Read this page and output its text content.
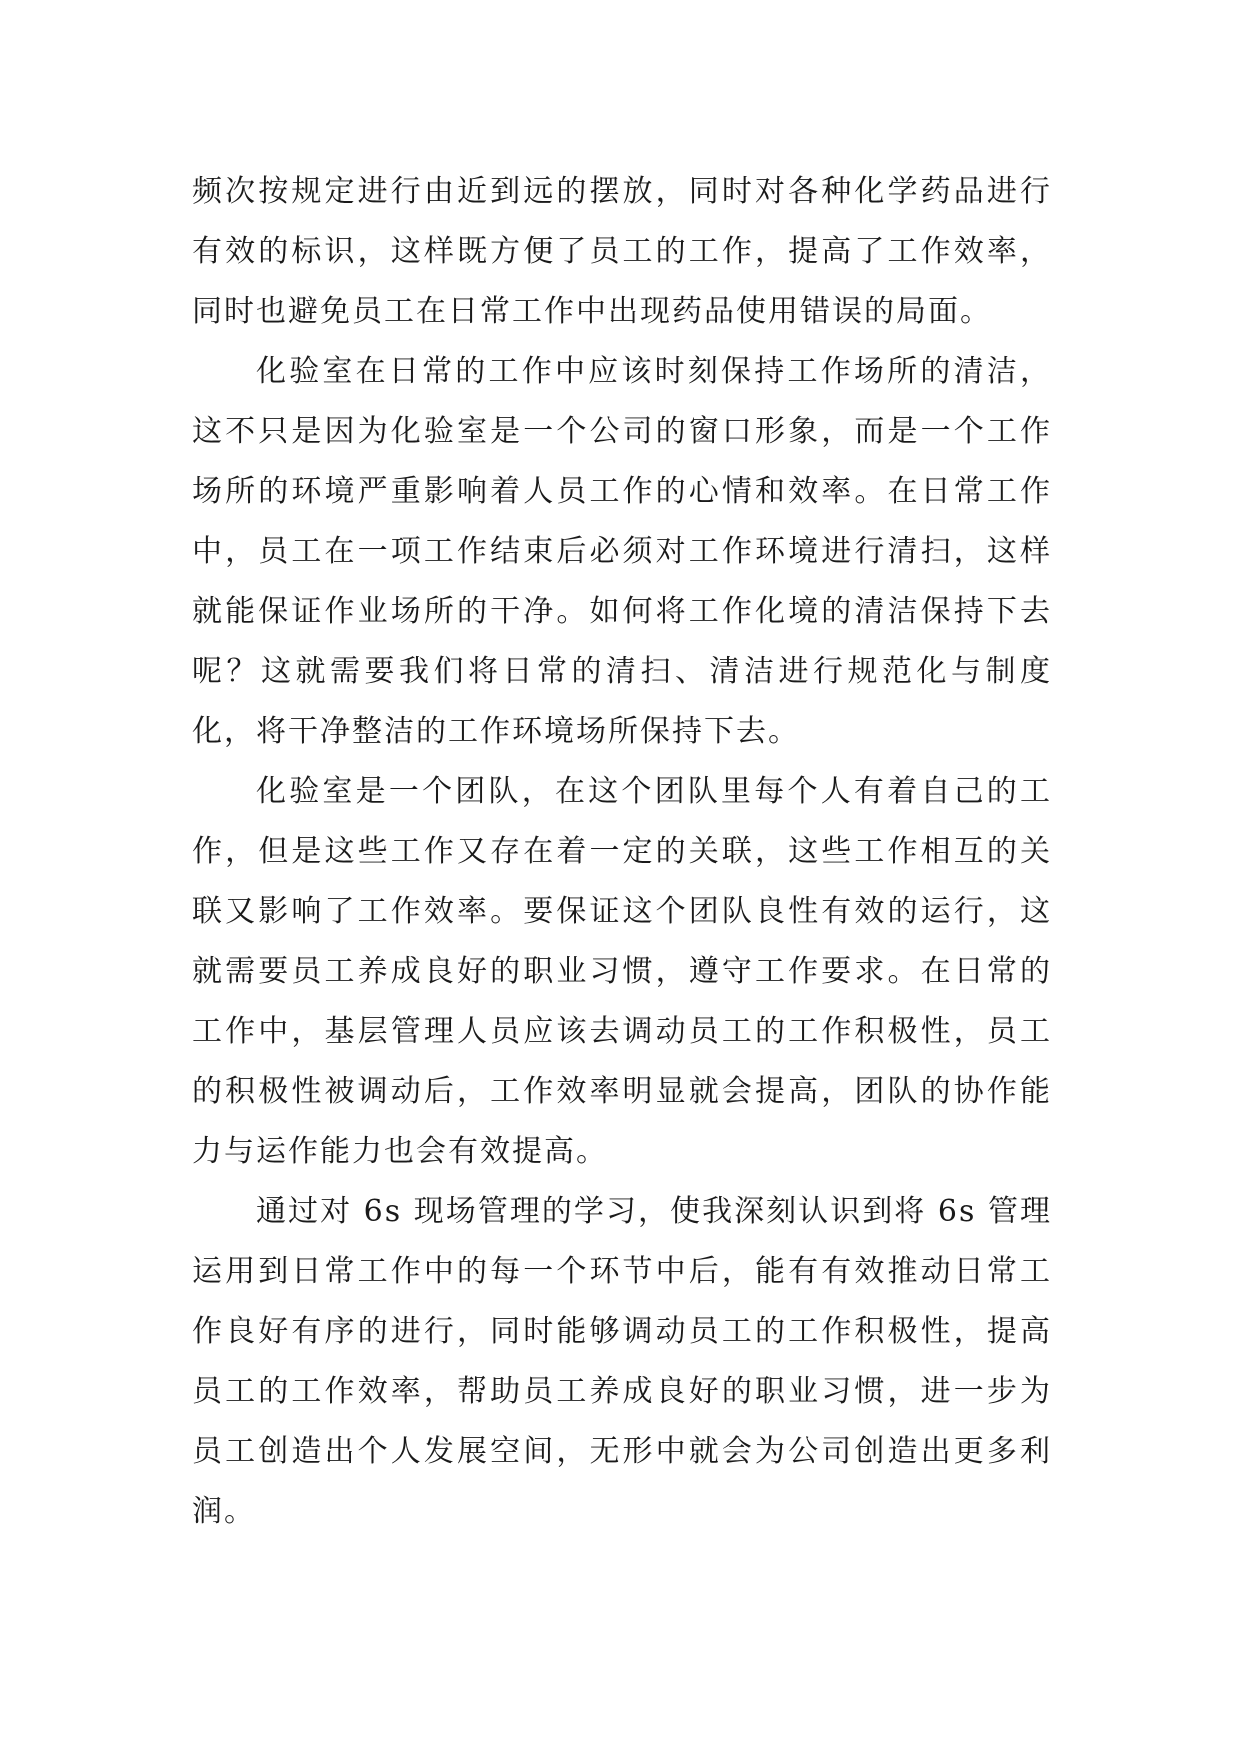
频次按规定进行由近到远的摆放，同时对各种化学药品进行有效的标识，这样既方便了员工的工作，提高了工作效率，同时也避免员工在日常工作中出现药品使用错误的局面。

化验室在日常的工作中应该时刻保持工作场所的清洁，这不只是因为化验室是一个公司的窗口形象，而是一个工作场所的环境严重影响着人员工作的心情和效率。在日常工作中，员工在一项工作结束后必须对工作环境进行清扫，这样就能保证作业场所的干净。如何将工作化境的清洁保持下去呢？这就需要我们将日常的清扫、清洁进行规范化与制度化，将干净整洁的工作环境场所保持下去。

化验室是一个团队，在这个团队里每个人有着自己的工作，但是这些工作又存在着一定的关联，这些工作相互的关联又影响了工作效率。要保证这个团队良性有效的运行，这就需要员工养成良好的职业习惯，遵守工作要求。在日常的工作中，基层管理人员应该去调动员工的工作积极性，员工的积极性被调动后，工作效率明显就会提高，团队的协作能力与运作能力也会有效提高。

通过对 6s 现场管理的学习，使我深刻认识到将 6s 管理运用到日常工作中的每一个环节中后，能有有效推动日常工作良好有序的进行，同时能够调动员工的工作积极性，提高员工的工作效率，帮助员工养成良好的职业习惯，进一步为员工创造出个人发展空间，无形中就会为公司创造出更多利润。
